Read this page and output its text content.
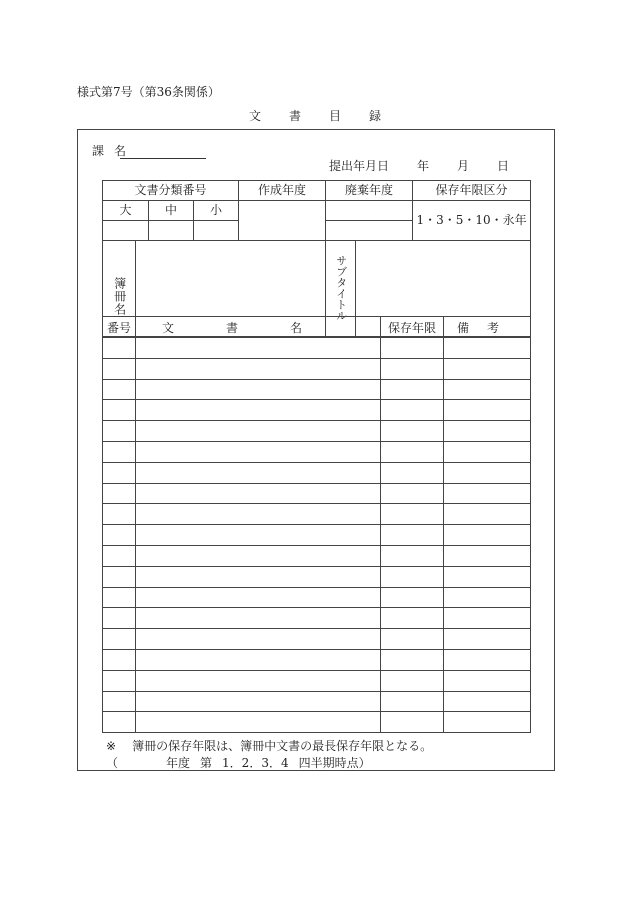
様式第7号（第36条関係）
文書目録
課名
提出年月日 年 月 日
文書分類番号				作成年度	廃棄年度		保存年限区分
大		中	小				1・3・5・10・永年

簿冊名					サブタイトル		
番号	文書名	保存年限	備考

※ 簿冊の保存年限は、簿冊中文書の最長保存年限となる。
（	年度 第 1．2．3．4 四半期時点）
